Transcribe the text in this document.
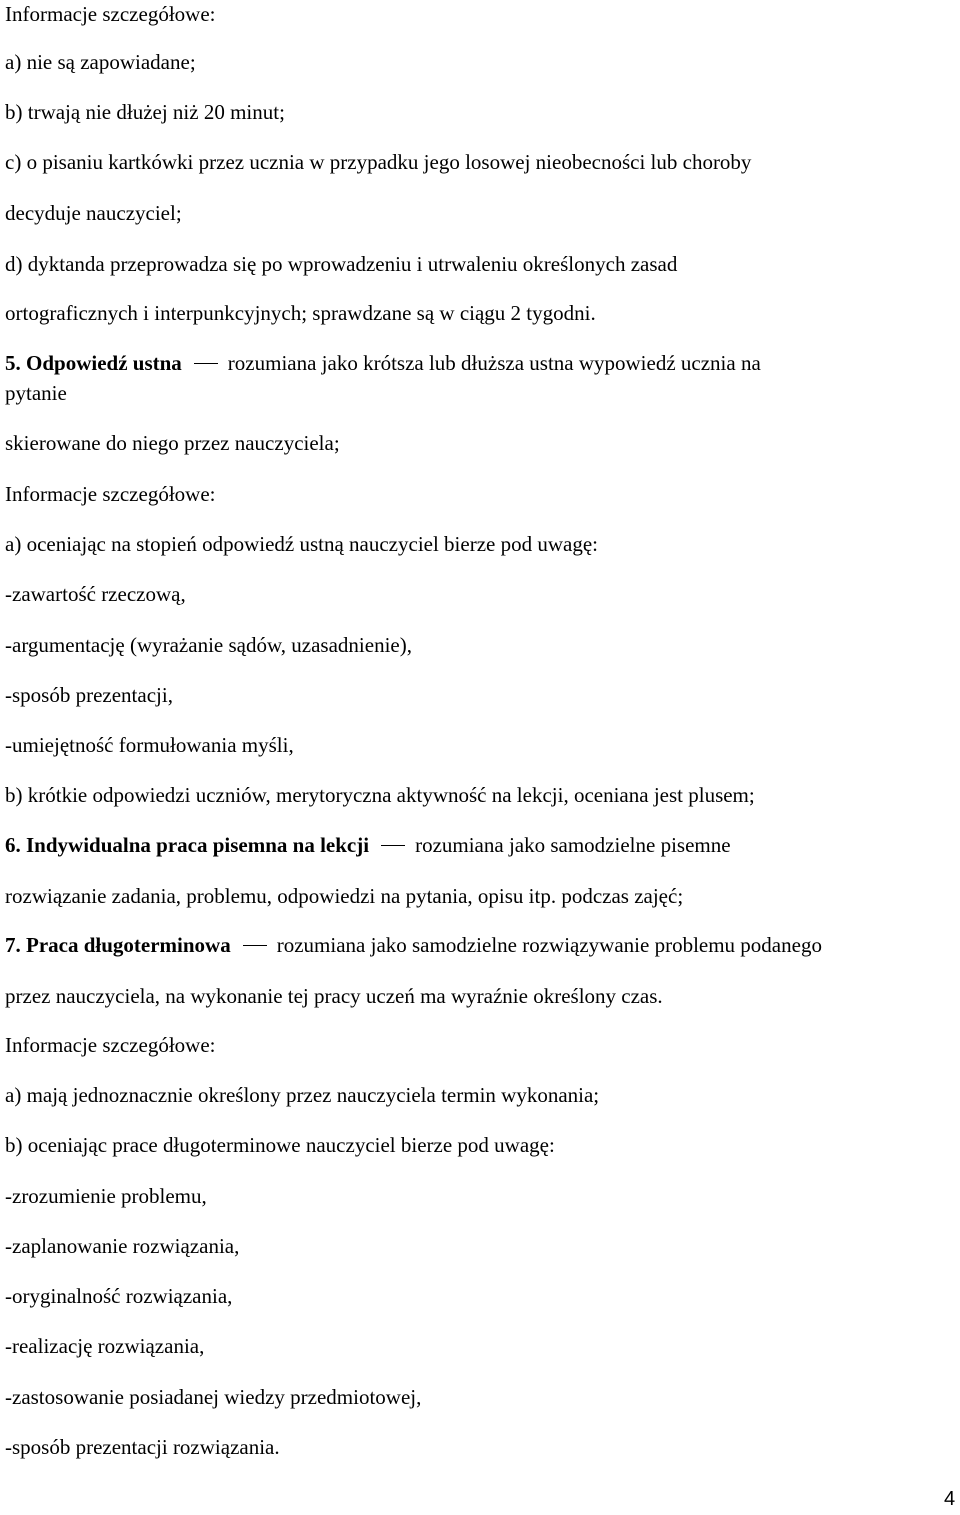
Informacje szczegółowe:
a) nie są zapowiadane;
b) trwają nie dłużej niż 20 minut;
c) o pisaniu kartkówki przez ucznia w przypadku jego losowej nieobecności lub choroby
decyduje nauczyciel;
d) dyktanda przeprowadza się po wprowadzeniu i utrwaleniu określonych zasad
ortograficznych i interpunkcyjnych; sprawdzane są w ciągu 2 tygodni.
5. Odpowiedź ustna rozumiana jako krótsza lub dłuższa ustna wypowiedź ucznia na
pytanie
skierowane do niego przez nauczyciela;
Informacje szczegółowe:
a) oceniając na stopień odpowiedź ustną nauczyciel bierze pod uwagę:
-zawartość rzeczową,
-argumentację (wyrażanie sądów, uzasadnienie),
-sposób prezentacji,
-umiejętność formułowania myśli,
b) krótkie odpowiedzi uczniów, merytoryczna aktywność na lekcji, oceniana jest plusem;
6. Indywidualna praca pisemna na lekcji rozumiana jako samodzielne pisemne
rozwiązanie zadania, problemu, odpowiedzi na pytania, opisu itp. podczas zajęć;
7. Praca długoterminowa rozumiana jako samodzielne rozwiązywanie problemu podanego
przez nauczyciela, na wykonanie tej pracy uczeń ma wyraźnie określony czas.
Informacje szczegółowe:
a) mają jednoznacznie określony przez nauczyciela termin wykonania;
b) oceniając prace długoterminowe nauczyciel bierze pod uwagę:
-zrozumienie problemu,
-zaplanowanie rozwiązania,
-oryginalność rozwiązania,
-realizację rozwiązania,
-zastosowanie posiadanej wiedzy przedmiotowej,
-sposób prezentacji rozwiązania.
4
